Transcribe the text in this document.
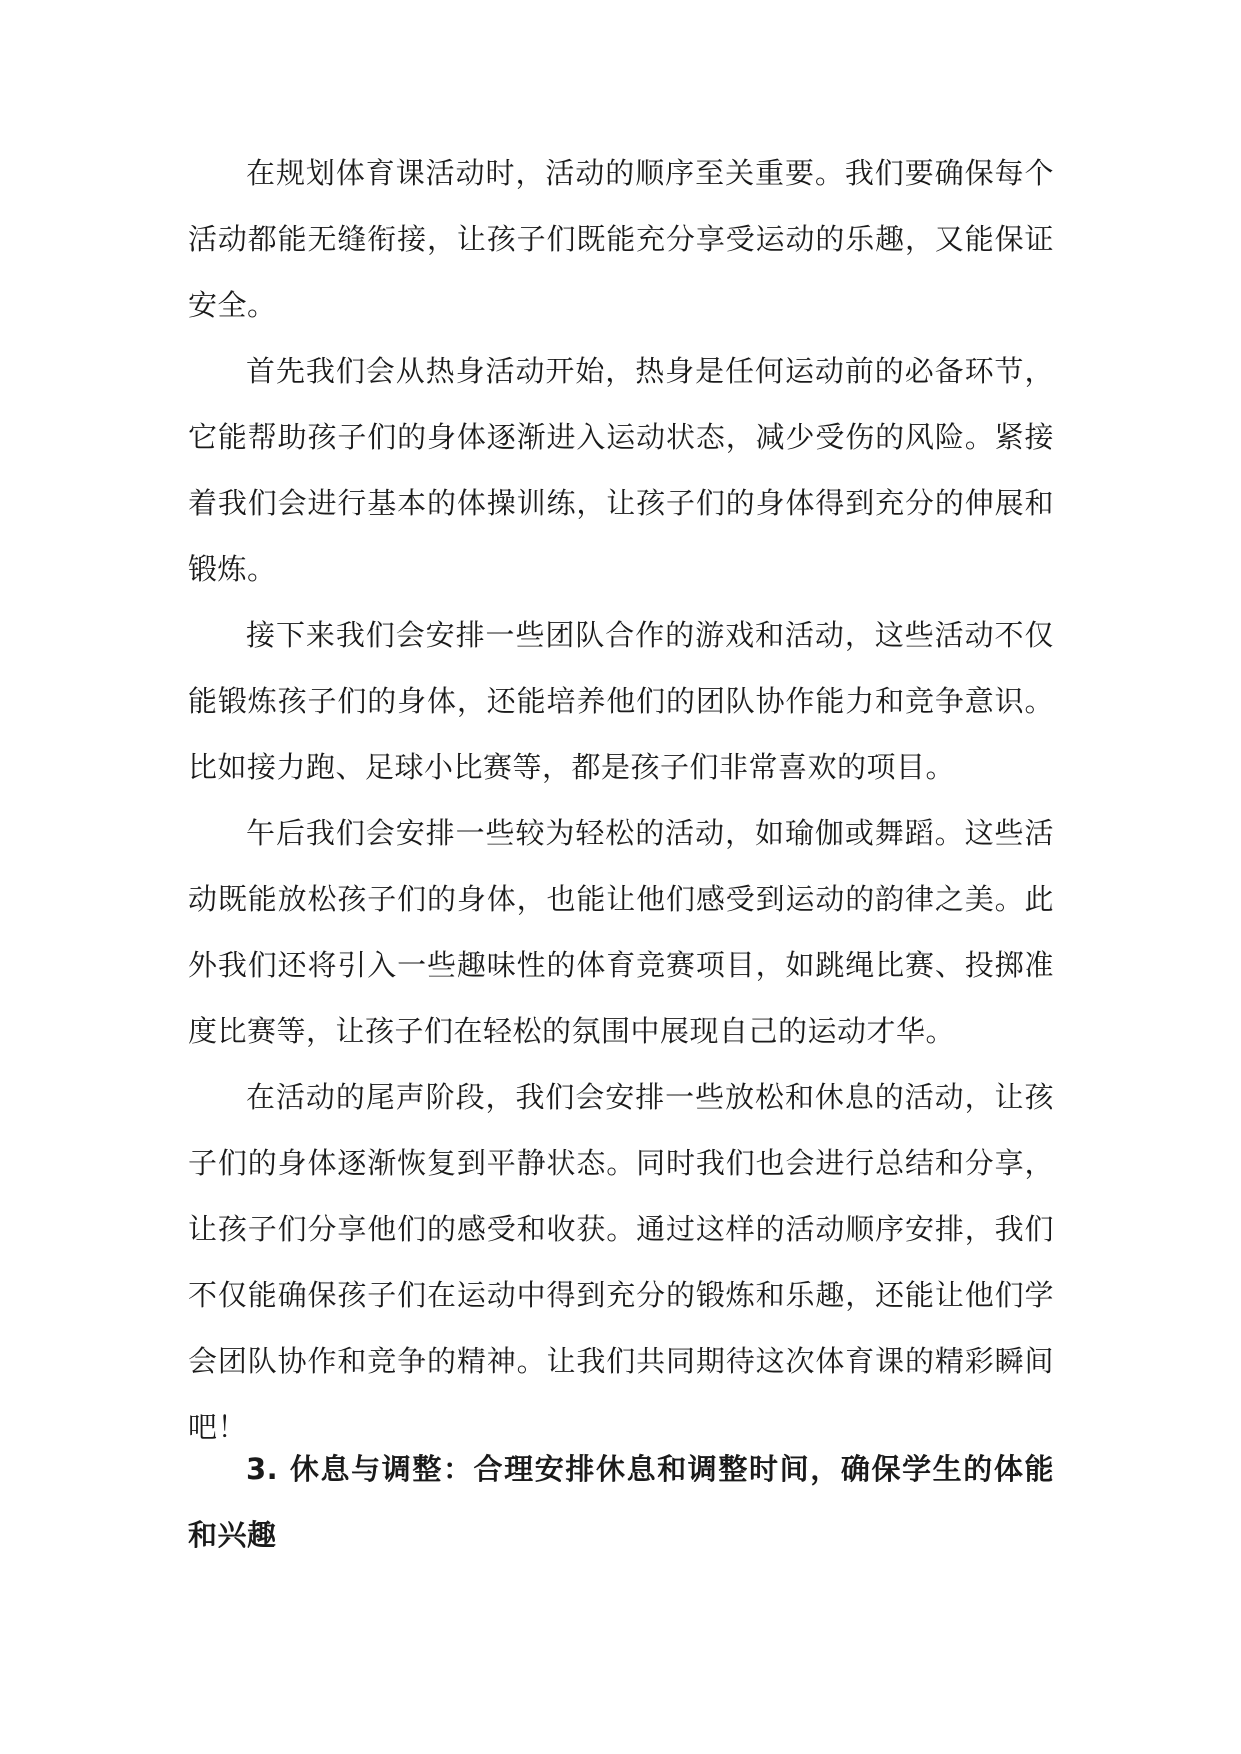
在规划体育课活动时，活动的顺序至关重要。我们要确保每个活动都能无缝衔接，让孩子们既能充分享受运动的乐趣，又能保证安全。

首先我们会从热身活动开始，热身是任何运动前的必备环节，它能帮助孩子们的身体逐渐进入运动状态，减少受伤的风险。紧接着我们会进行基本的体操训练，让孩子们的身体得到充分的伸展和锻炼。

接下来我们会安排一些团队合作的游戏和活动，这些活动不仅能锻炼孩子们的身体，还能培养他们的团队协作能力和竞争意识。比如接力跑、足球小比赛等，都是孩子们非常喜欢的项目。

午后我们会安排一些较为轻松的活动，如瑜伽或舞蹈。这些活动既能放松孩子们的身体，也能让他们感受到运动的韵律之美。此外我们还将引入一些趣味性的体育竞赛项目，如跳绳比赛、投掷准度比赛等，让孩子们在轻松的氛围中展现自己的运动才华。

在活动的尾声阶段，我们会安排一些放松和休息的活动，让孩子们的身体逐渐恢复到平静状态。同时我们也会进行总结和分享，让孩子们分享他们的感受和收获。通过这样的活动顺序安排，我们不仅能确保孩子们在运动中得到充分的锻炼和乐趣，还能让他们学会团队协作和竞争的精神。让我们共同期待这次体育课的精彩瞬间吧！

3. 休息与调整：合理安排休息和调整时间，确保学生的体能和兴趣
